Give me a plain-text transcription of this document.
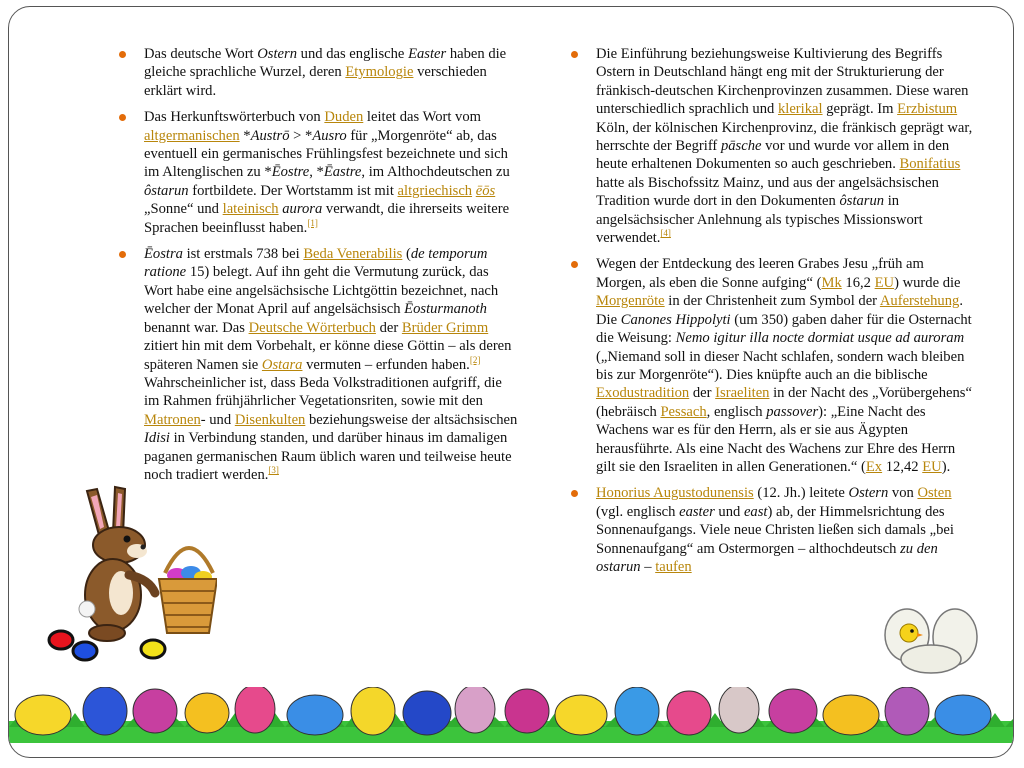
Das deutsche Wort Ostern und das englische Easter haben die gleiche sprachliche Wurzel, deren Etymologie verschieden erklärt wird.
Das Herkunftswörterbuch von Duden leitet das Wort vom altgermanischen *Austrō > *Ausro für „Morgenröte“ ab, das eventuell ein germanisches Frühlingsfest bezeichnete und sich im Altenglischen zu *Ēostre, *Ēastre, im Althochdeutschen zu ôstarun fortbildete. Der Wortstamm ist mit altgriechisch ēōs „Sonne“ und lateinisch aurora verwandt, die ihrerseits weitere Sprachen beeinflusst haben.[1]
Ēostra ist erstmals 738 bei Beda Venerabilis (de temporum ratione 15) belegt. Auf ihn geht die Vermutung zurück, das Wort habe eine angelsächsische Lichtgöttin bezeichnet, nach welcher der Monat April auf angelsächsisch Ēosturmanoth benannt war. Das Deutsche Wörterbuch der Brüder Grimm zitiert hin mit dem Vorbehalt, er könne diese Göttin – als deren späteren Namen sie Ostara vermuten – erfunden haben.[2] Wahrscheinlicher ist, dass Beda Volkstraditionen aufgriff, die im Rahmen frühjährlicher Vegetationsriten, sowie mit den Matronen- und Disenkulten beziehungsweise der altsächsischen Idisi in Verbindung standen, und darüber hinaus im damaligen paganen germanischen Raum üblich waren und teilweise heute noch tradiert werden.[3]
Die Einführung beziehungsweise Kultivierung des Begriffs Ostern in Deutschland hängt eng mit der Strukturierung der fränkisch-deutschen Kirchenprovinzen zusammen. Diese waren unterschiedlich sprachlich und klerikal geprägt. Im Erzbistum Köln, der kölnischen Kirchenprovinz, die fränkisch geprägt war, herrschte der Begriff pāsche vor und wurde vor allem in den heute erhaltenen Dokumenten so auch geschrieben. Bonifatius hatte als Bischofssitz Mainz, und aus der angelsächsischen Tradition wurde dort in den Dokumenten ôstarun in angelsächsischer Anlehnung als typisches Missionswort verwendet.[4]
Wegen der Entdeckung des leeren Grabes Jesu „früh am Morgen, als eben die Sonne aufging“ (Mk 16,2 EU) wurde die Morgenröte in der Christenheit zum Symbol der Auferstehung. Die Canones Hippolyti (um 350) gaben daher für die Osternacht die Weisung: Nemo igitur illa nocte dormiat usque ad auroram („Niemand soll in dieser Nacht schlafen, sondern wach bleiben bis zur Morgenröte“). Dies knüpfte auch an die biblische Exodustradition der Israeliten in der Nacht des „Vorübergehens“ (hebräisch Pessach, englisch passover): „Eine Nacht des Wachens war es für den Herrn, als er sie aus Ägypten herausführte. Als eine Nacht des Wachens zur Ehre des Herrn gilt sie den Israeliten in allen Generationen.“ (Ex 12,42 EU).
Honorius Augustodunensis (12. Jh.) leitete Ostern von Osten (vgl. englisch easter und east) ab, der Himmelsrichtung des Sonnenaufgangs. Viele neue Christen ließen sich damals „bei Sonnenaufgang“ am Ostermorgen – althochdeutsch zu den ostarun – taufen
